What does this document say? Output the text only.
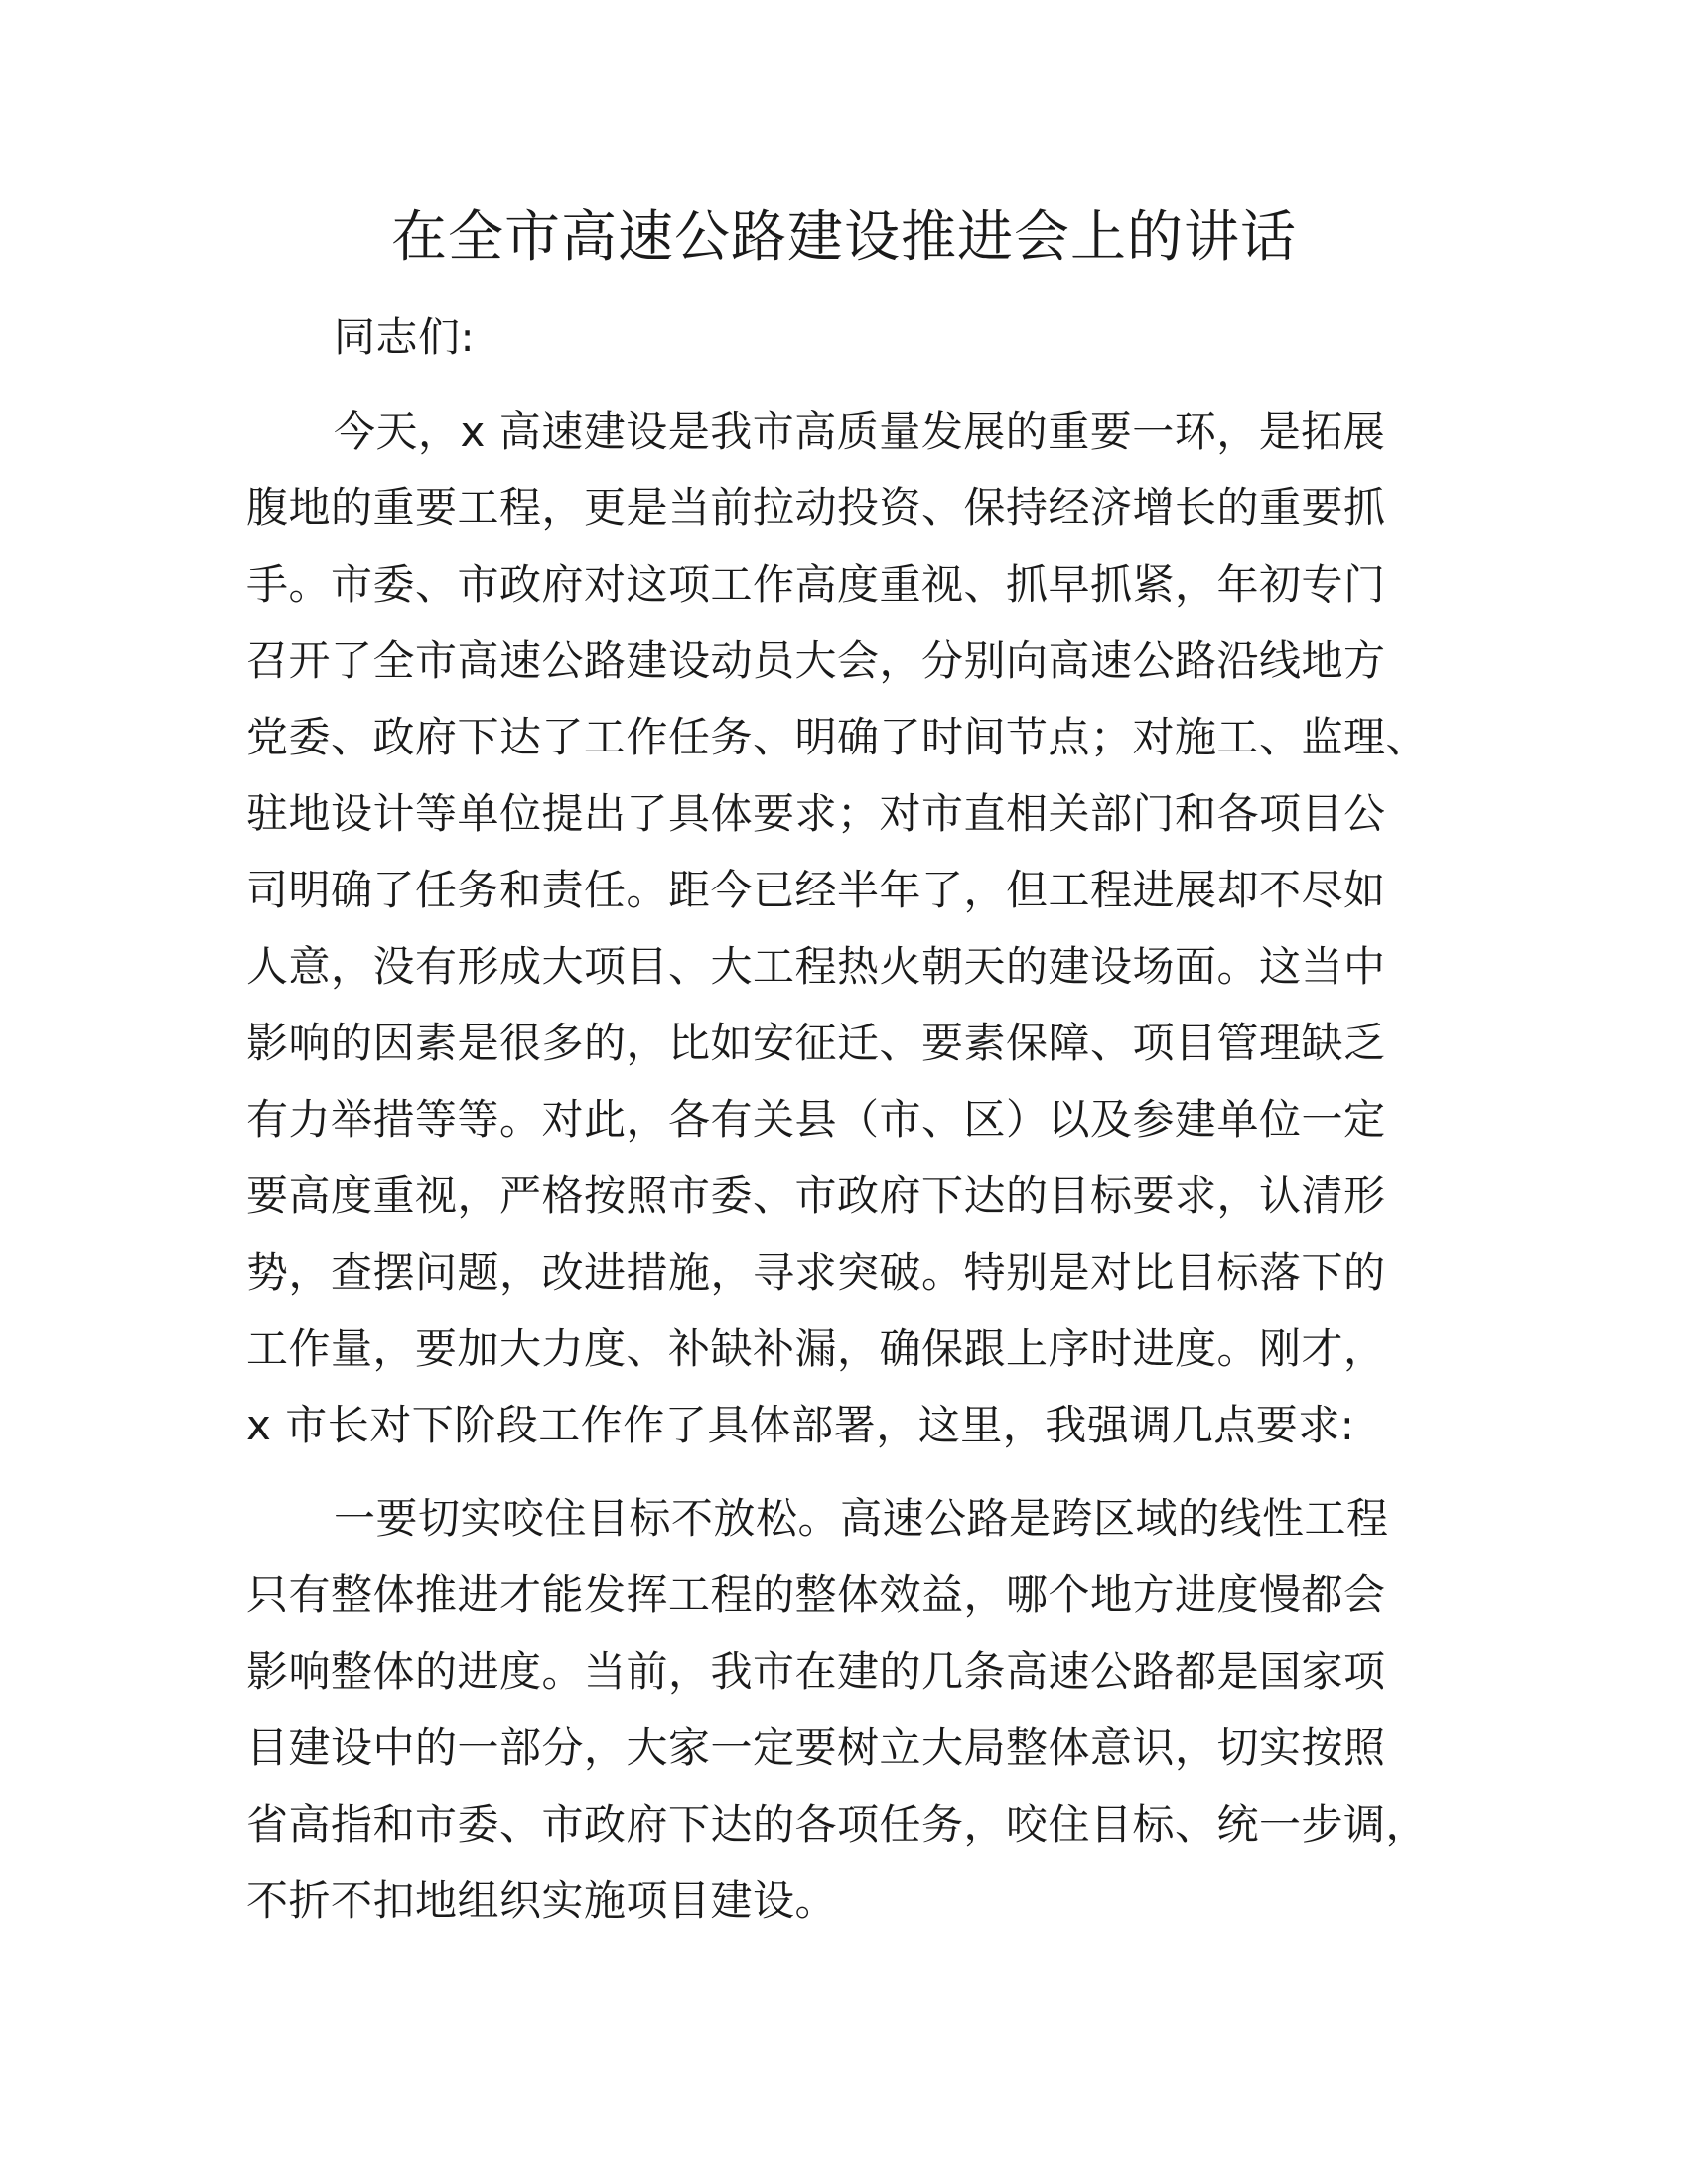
在全市高速公路建设推进会上的讲话

同志们:

今天，x 高速建设是我市高质量发展的重要一环，是拓展

腹地的重要工程，更是当前拉动投资、保持经济增长的重要抓

手。市委、市政府对这项工作高度重视、抓早抓紧，年初专门

召开了全市高速公路建设动员大会，分别向高速公路沿线地方

党委、政府下达了工作任务、明确了时间节点；对施工、监理、

驻地设计等单位提出了具体要求；对市直相关部门和各项目公

司明确了任务和责任。距今已经半年了，但工程进展却不尽如

人意，没有形成大项目、大工程热火朝天的建设场面。这当中

影响的因素是很多的，比如安征迁、要素保障、项目管理缺乏

有力举措等等。对此，各有关县（市、区）以及参建单位一定

要高度重视，严格按照市委、市政府下达的目标要求，认清形

势，查摆问题，改进措施，寻求突破。特别是对比目标落下的

工作量，要加大力度、补缺补漏，确保跟上序时进度。刚才，

x 市长对下阶段工作作了具体部署，这里，我强调几点要求:

一要切实咬住目标不放松。高速公路是跨区域的线性工程

只有整体推进才能发挥工程的整体效益，哪个地方进度慢都会

影响整体的进度。当前，我市在建的几条高速公路都是国家项

目建设中的一部分，大家一定要树立大局整体意识，切实按照

省高指和市委、市政府下达的各项任务，咬住目标、统一步调，

不折不扣地组织实施项目建设。
